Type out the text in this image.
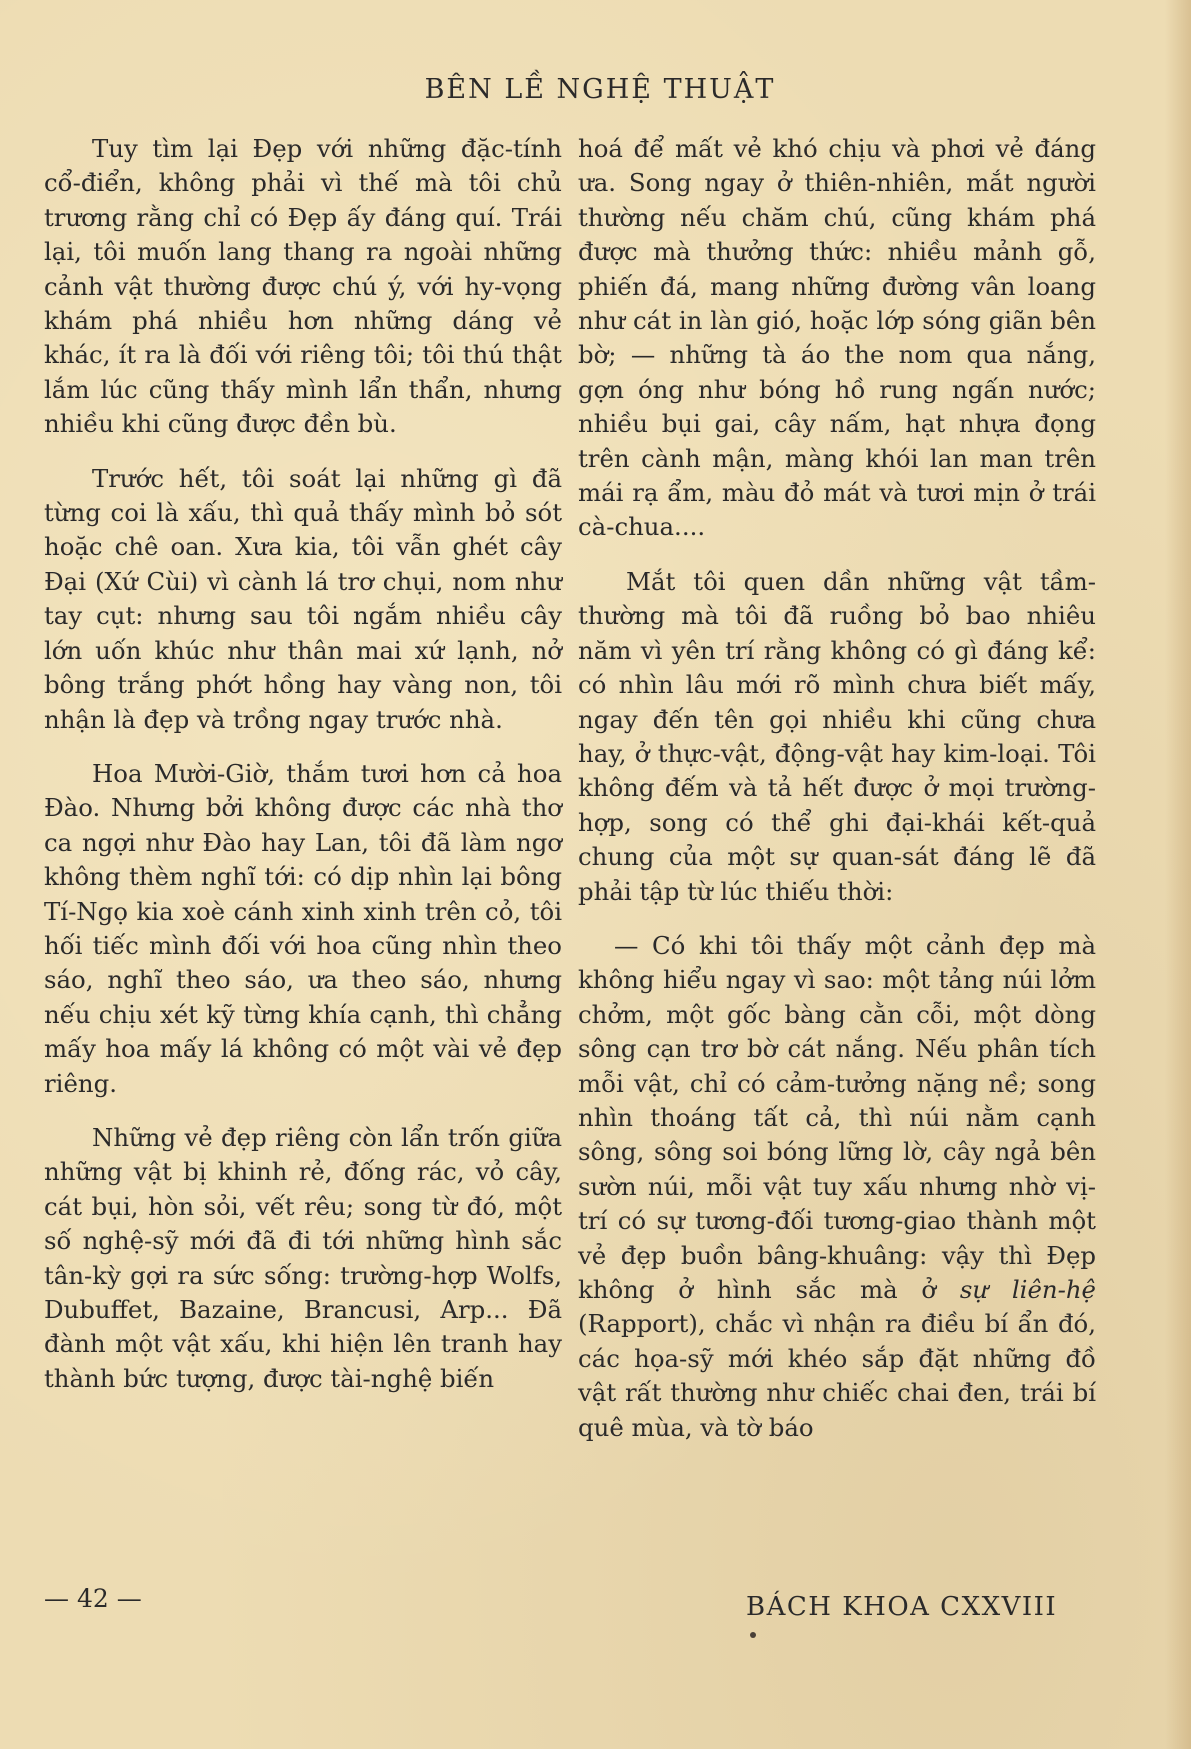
BÊN LỀ NGHỆ THUẬT

Tuy tìm lại Đẹp với những đặc-tính cổ-điển, không phải vì thế mà tôi chủ trương rằng chỉ có Đẹp ấy đáng quí. Trái lại, tôi muốn lang thang ra ngoài những cảnh vật thường được chú ý, với hy-vọng khám phá nhiều hơn những dáng vẻ khác, ít ra là đối với riêng tôi; tôi thú thật lắm lúc cũng thấy mình lẩn thẩn, nhưng nhiều khi cũng được đền bù.

Trước hết, tôi soát lại những gì đã từng coi là xấu, thì quả thấy mình bỏ sót hoặc chê oan. Xưa kia, tôi vẫn ghét cây Đại (Xứ Cùi) vì cành lá trơ chụi, nom như tay cụt: nhưng sau tôi ngắm nhiều cây lớn uốn khúc như thân mai xứ lạnh, nở bông trắng phớt hồng hay vàng non, tôi nhận là đẹp và trồng ngay trước nhà.

Hoa Mười-Giờ, thắm tươi hơn cả hoa Đào. Nhưng bởi không được các nhà thơ ca ngợi như Đào hay Lan, tôi đã làm ngơ không thèm nghĩ tới: có dịp nhìn lại bông Tí-Ngọ kia xoè cánh xinh xinh trên cỏ, tôi hối tiếc mình đối với hoa cũng nhìn theo sáo, nghĩ theo sáo, ưa theo sáo, nhưng nếu chịu xét kỹ từng khía cạnh, thì chẳng mấy hoa mấy lá không có một vài vẻ đẹp riêng.

Những vẻ đẹp riêng còn lẩn trốn giữa những vật bị khinh rẻ, đống rác, vỏ cây, cát bụi, hòn sỏi, vết rêu; song từ đó, một số nghệ-sỹ mới đã đi tới những hình sắc tân-kỳ gợi ra sức sống: trường-hợp Wolfs, Dubuffet, Bazaine, Brancusi, Arp... Đã đành một vật xấu, khi hiện lên tranh hay thành bức tượng, được tài-nghệ biến

hoá để mất vẻ khó chịu và phơi vẻ đáng ưa. Song ngay ở thiên-nhiên, mắt người thường nếu chăm chú, cũng khám phá được mà thưởng thức: nhiều mảnh gỗ, phiến đá, mang những đường vân loang như cát in làn gió, hoặc lớp sóng giãn bên bờ; — những tà áo the nom qua nắng, gợn óng như bóng hồ rung ngấn nước; nhiều bụi gai, cây nấm, hạt nhựa đọng trên cành mận, màng khói lan man trên mái rạ ẩm, màu đỏ mát và tươi mịn ở trái cà-chua....

Mắt tôi quen dần những vật tầm-thường mà tôi đã ruồng bỏ bao nhiêu năm vì yên trí rằng không có gì đáng kể: có nhìn lâu mới rõ mình chưa biết mấy, ngay đến tên gọi nhiều khi cũng chưa hay, ở thực-vật, động-vật hay kim-loại. Tôi không đếm và tả hết được ở mọi trường-hợp, song có thể ghi đại-khái kết-quả chung của một sự quan-sát đáng lẽ đã phải tập từ lúc thiếu thời:

— Có khi tôi thấy một cảnh đẹp mà không hiểu ngay vì sao: một tảng núi lởm chởm, một gốc bàng cằn cỗi, một dòng sông cạn trơ bờ cát nắng. Nếu phân tích mỗi vật, chỉ có cảm-tưởng nặng nề; song nhìn thoáng tất cả, thì núi nằm cạnh sông, sông soi bóng lững lờ, cây ngả bên sườn núi, mỗi vật tuy xấu nhưng nhờ vị-trí có sự tương-đối tương-giao thành một vẻ đẹp buồn bâng-khuâng: vậy thì Đẹp không ở hình sắc mà ở sự liên-hệ (Rapport), chắc vì nhận ra điều bí ẩn đó, các họa-sỹ mới khéo sắp đặt những đồ vật rất thường như chiếc chai đen, trái bí quê mùa, và tờ báo

— 42 —	BÁCH KHOA CXXVIII
